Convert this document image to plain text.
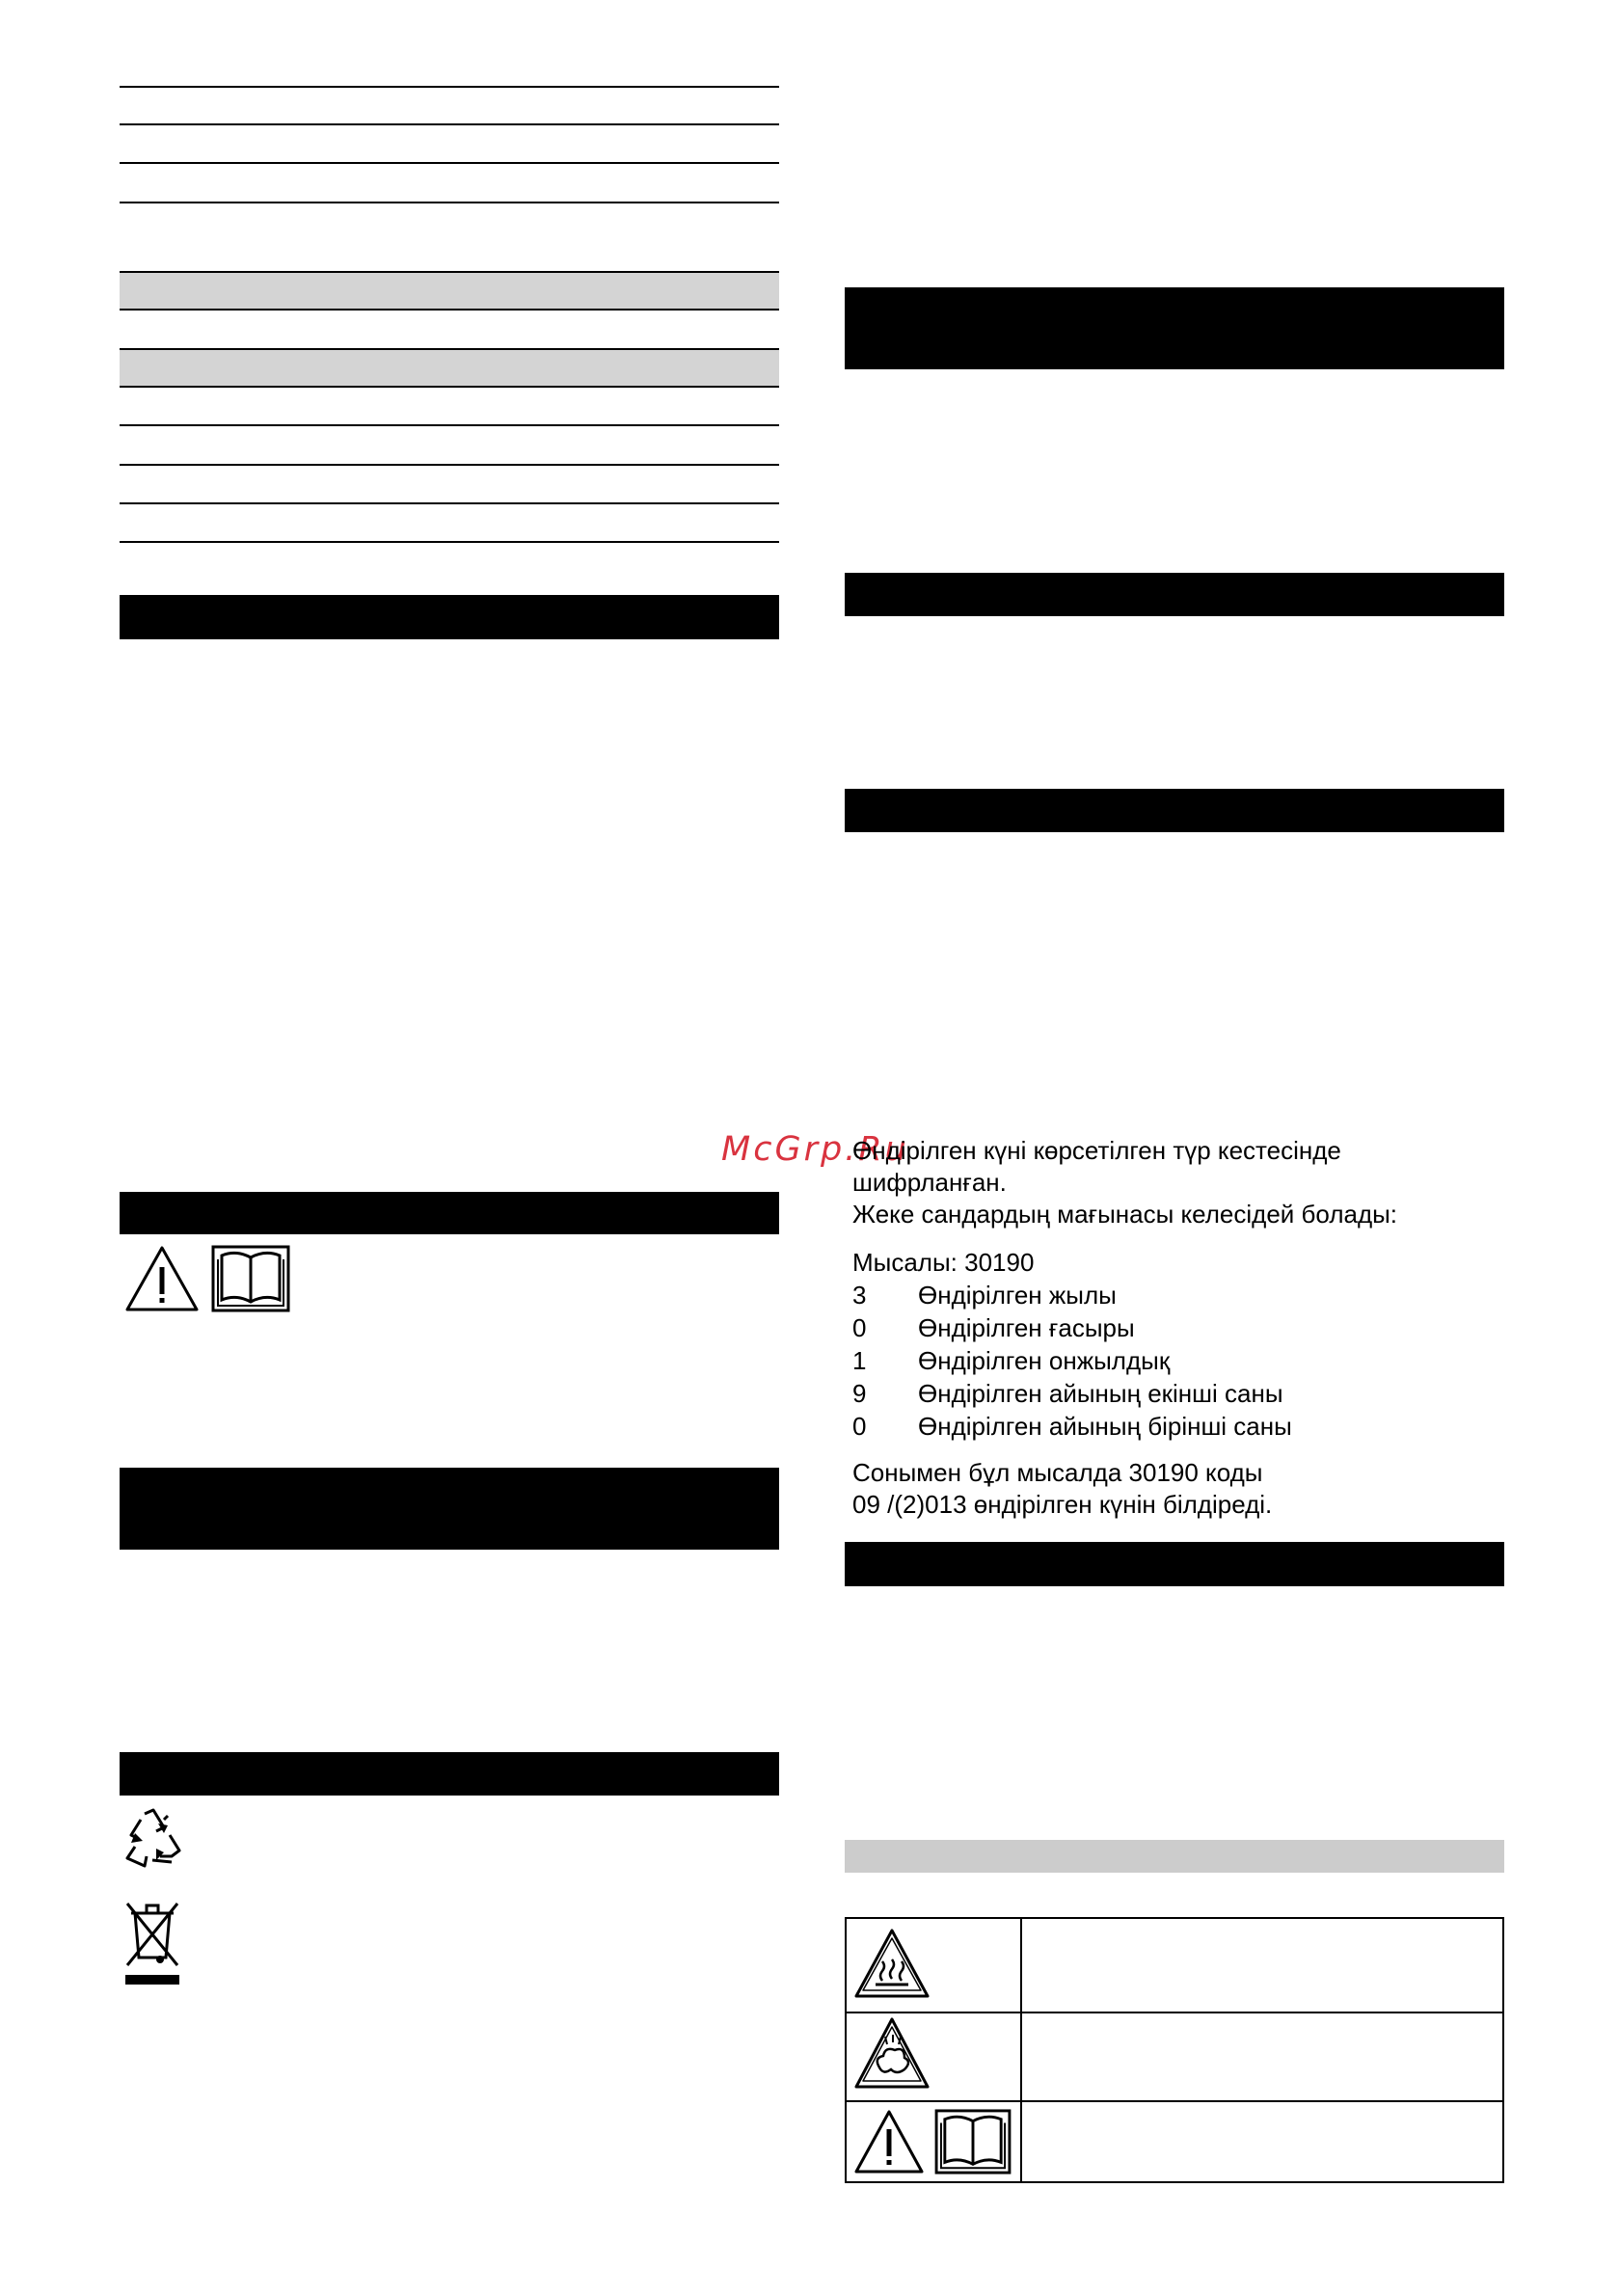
McGrp.Ru
Өндірілген күні көрсетілген түр кестесінде
шифрланған.
Жеке сандардың мағынасы келесідей болады:
Мысалы: 30190
3 Өндірілген жылы
0 Өндірілген ғасыры
1 Өндірілген онжылдық
9 Өндірілген айының екінші саны
0 Өндірілген айының бірінші саны
Сонымен бұл мысалда 30190 коды
09 /(2)013 өндірілген күнін білдіреді.
